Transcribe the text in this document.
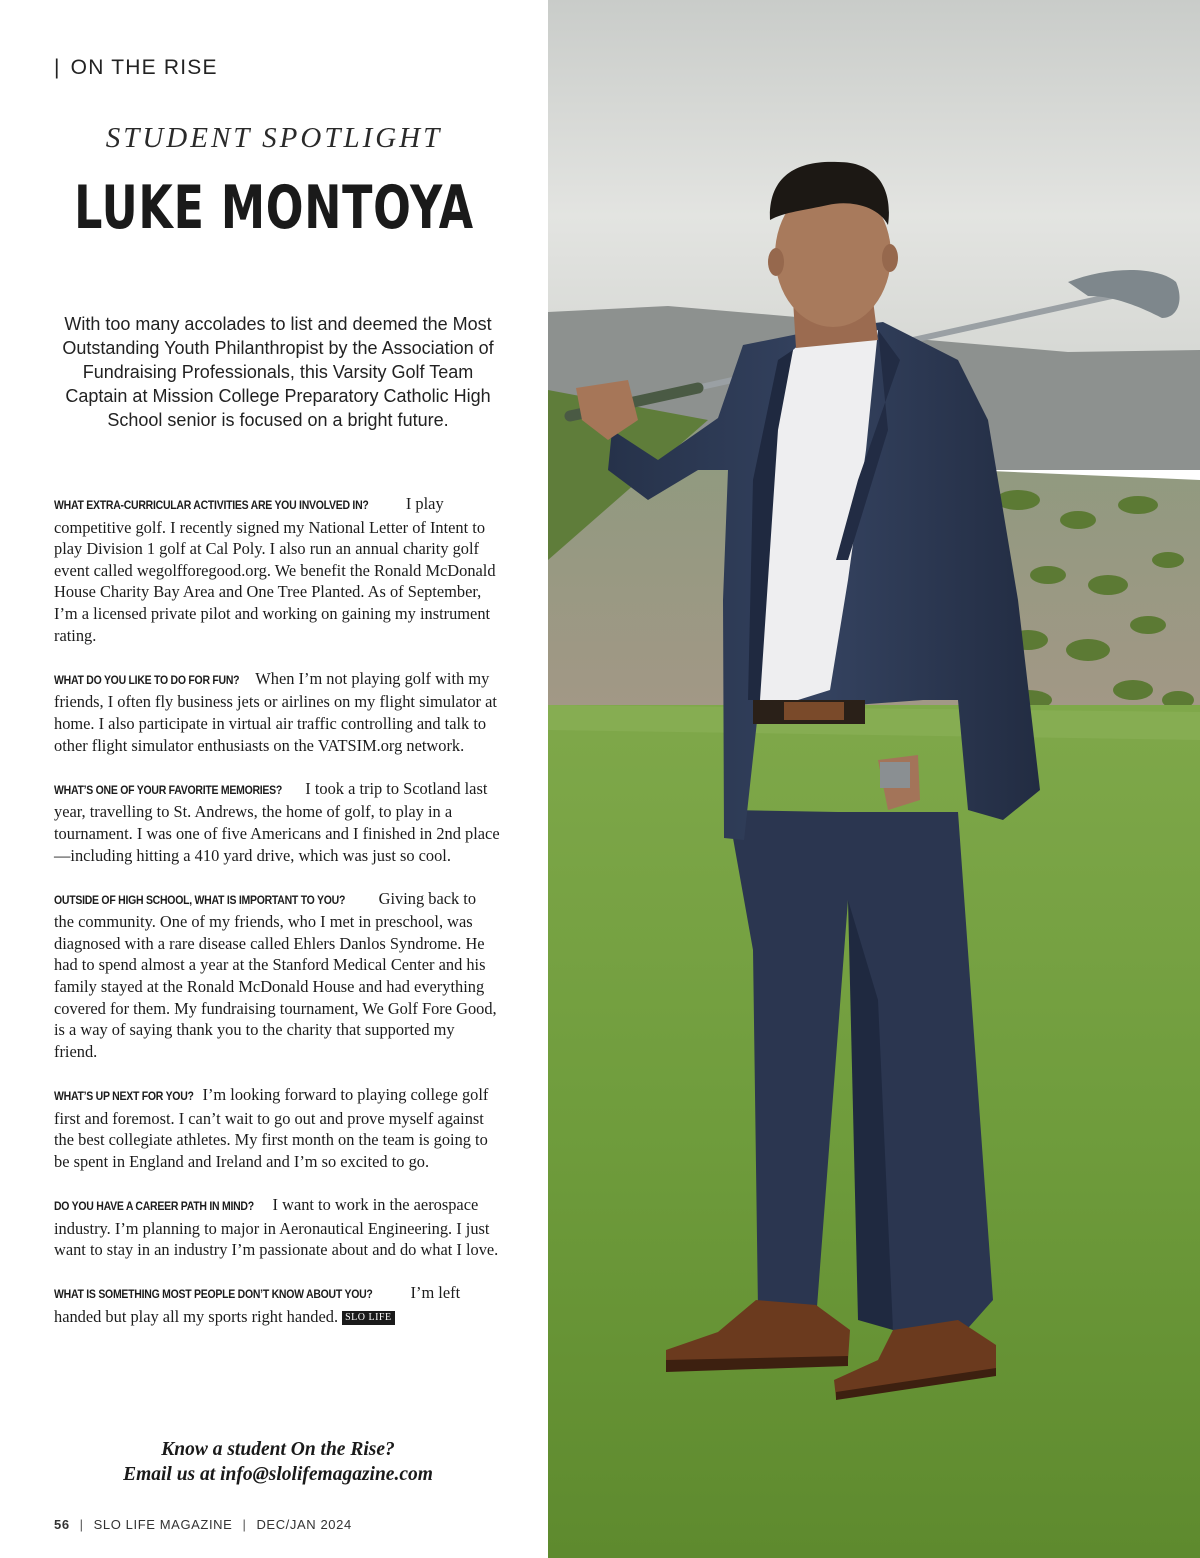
| ON THE RISE
STUDENT SPOTLIGHT
LUKE MONTOYA

With too many accolades to list and deemed the Most Outstanding Youth Philanthropist by the Association of Fundraising Professionals, this Varsity Golf Team Captain at Mission College Preparatory Catholic High School senior is focused on a bright future.

WHAT EXTRA-CURRICULAR ACTIVITIES ARE YOU INVOLVED IN? I play competitive golf. I recently signed my National Letter of Intent to play Division 1 golf at Cal Poly. I also run an annual charity golf event called wegolfforegood.org. We benefit the Ronald McDonald House Charity Bay Area and One Tree Planted. As of September, I’m a licensed private pilot and working on gaining my instrument rating.

WHAT DO YOU LIKE TO DO FOR FUN? When I’m not playing golf with my friends, I often fly business jets or airlines on my flight simulator at home. I also participate in virtual air traffic controlling and talk to other flight simulator enthusiasts on the VATSIM.org network.

WHAT’S ONE OF YOUR FAVORITE MEMORIES? I took a trip to Scotland last year, travelling to St. Andrews, the home of golf, to play in a tournament. I was one of five Americans and I finished in 2nd place—including hitting a 410 yard drive, which was just so cool.

OUTSIDE OF HIGH SCHOOL, WHAT IS IMPORTANT TO YOU? Giving back to the community. One of my friends, who I met in preschool, was diagnosed with a rare disease called Ehlers Danlos Syndrome. He had to spend almost a year at the Stanford Medical Center and his family stayed at the Ronald McDonald House and had everything covered for them. My fundraising tournament, We Golf Fore Good, is a way of saying thank you to the charity that supported my friend.

WHAT’S UP NEXT FOR YOU? I’m looking forward to playing college golf first and foremost. I can’t wait to go out and prove myself against the best collegiate athletes. My first month on the team is going to be spent in England and Ireland and I’m so excited to go.

DO YOU HAVE A CAREER PATH IN MIND? I want to work in the aerospace industry. I’m planning to major in Aeronautical Engineering. I just want to stay in an industry I’m passionate about and do what I love.

WHAT IS SOMETHING MOST PEOPLE DON’T KNOW ABOUT YOU? I’m left handed but play all my sports right handed. SLO LIFE

Know a student On the Rise?
Email us at info@slolifemagazine.com
56 | SLO LIFE MAGAZINE | DEC/JAN 2024
